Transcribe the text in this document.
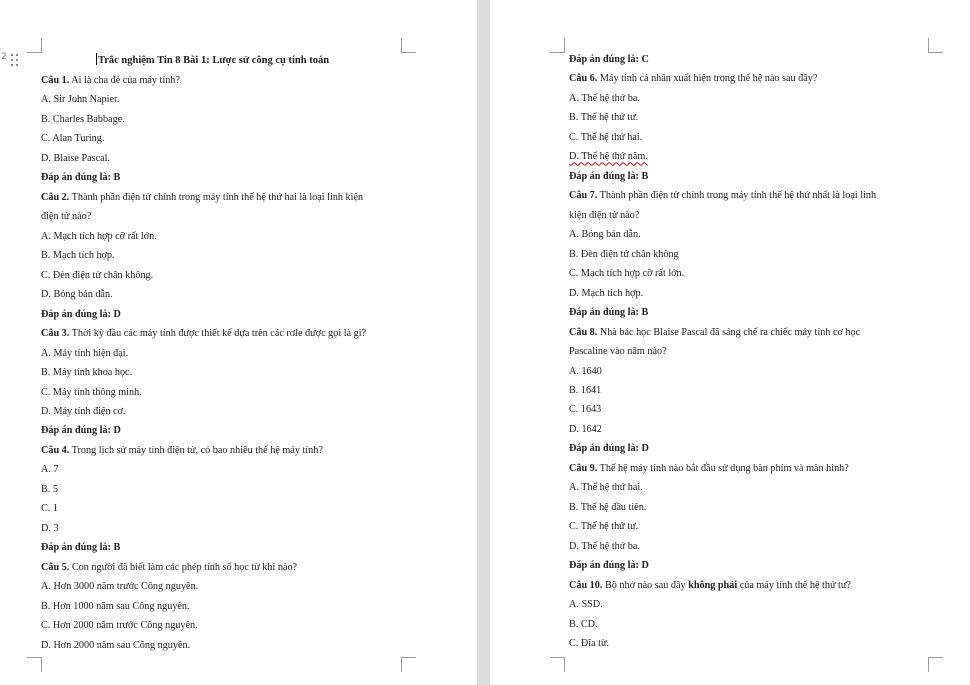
2	Trắc nghiệm Tin 8 Bài 1: Lược sử công cụ tính toán
Câu 1. Ai là cha đẻ của máy tính?
A. Sir John Napier.
B. Charles Babbage.
C. Alan Turing.
D. Blaise Pascal.
Đáp án đúng là: B
Câu 2. Thành phần điện tử chính trong máy tính thế hệ thứ hai là loại linh kiện
điện tử nào?
A. Mạch tích hợp cỡ rất lớn.
B. Mạch tích hợp.
C. Đèn điện tử chân không.
D. Bóng bán dẫn.
Đáp án đúng là: D
Câu 3. Thời kỳ đầu các máy tính được thiết kế dựa trên các rơle được gọi là gì?
A. Máy tính hiện đại.
B. Máy tính khoa học.
C. Máy tính thông minh.
D. Máy tính điện cơ.
Đáp án đúng là: D
Câu 4. Trong lịch sử máy tính điện tử, có bao nhiêu thế hệ máy tính?
A. 7
B. 5
C. 1
D. 3
Đáp án đúng là: B
Câu 5. Con người đã biết làm các phép tính số học từ khi nào?
A. Hơn 3000 năm trước Công nguyên.
B. Hơn 1000 năm sau Công nguyên.
C. Hơn 2000 năm trước Công nguyên.
D. Hơn 2000 năm sau Công nguyên.
Đáp án đúng là: C
Câu 6. Máy tính cá nhân xuất hiện trong thế hệ nào sau đây?
A. Thế hệ thứ ba.
B. Thế hệ thứ tư.
C. Thế hệ thứ hai.
D. Thế hệ thứ năm.
Đáp án đúng là: B
Câu 7. Thành phần điện tử chính trong máy tính thế hệ thứ nhất là loại linh
kiện điện tử nào?
A. Bóng bán dẫn.
B. Đèn điện tử chân không
C. Mạch tích hợp cỡ rất lớn.
D. Mạch tích hợp.
Đáp án đúng là: B
Câu 8. Nhà bác học Blaise Pascal đã sáng chế ra chiếc máy tính cơ học
Pascaline vào năm nào?
A. 1640
B. 1641
C. 1643
D. 1642
Đáp án đúng là: D
Câu 9. Thế hệ máy tính nào bắt đầu sử dụng bàn phím và màn hình?
A. Thế hệ thứ hai.
B. Thế hệ đầu tiên.
C. Thế hệ thứ tư.
D. Thế hệ thứ ba.
Đáp án đúng là: D
Câu 10. Bộ nhớ nào sau đây không phải của máy tính thế hệ thứ tư?
A. SSD.
B. CD.
C. Đĩa từ.
